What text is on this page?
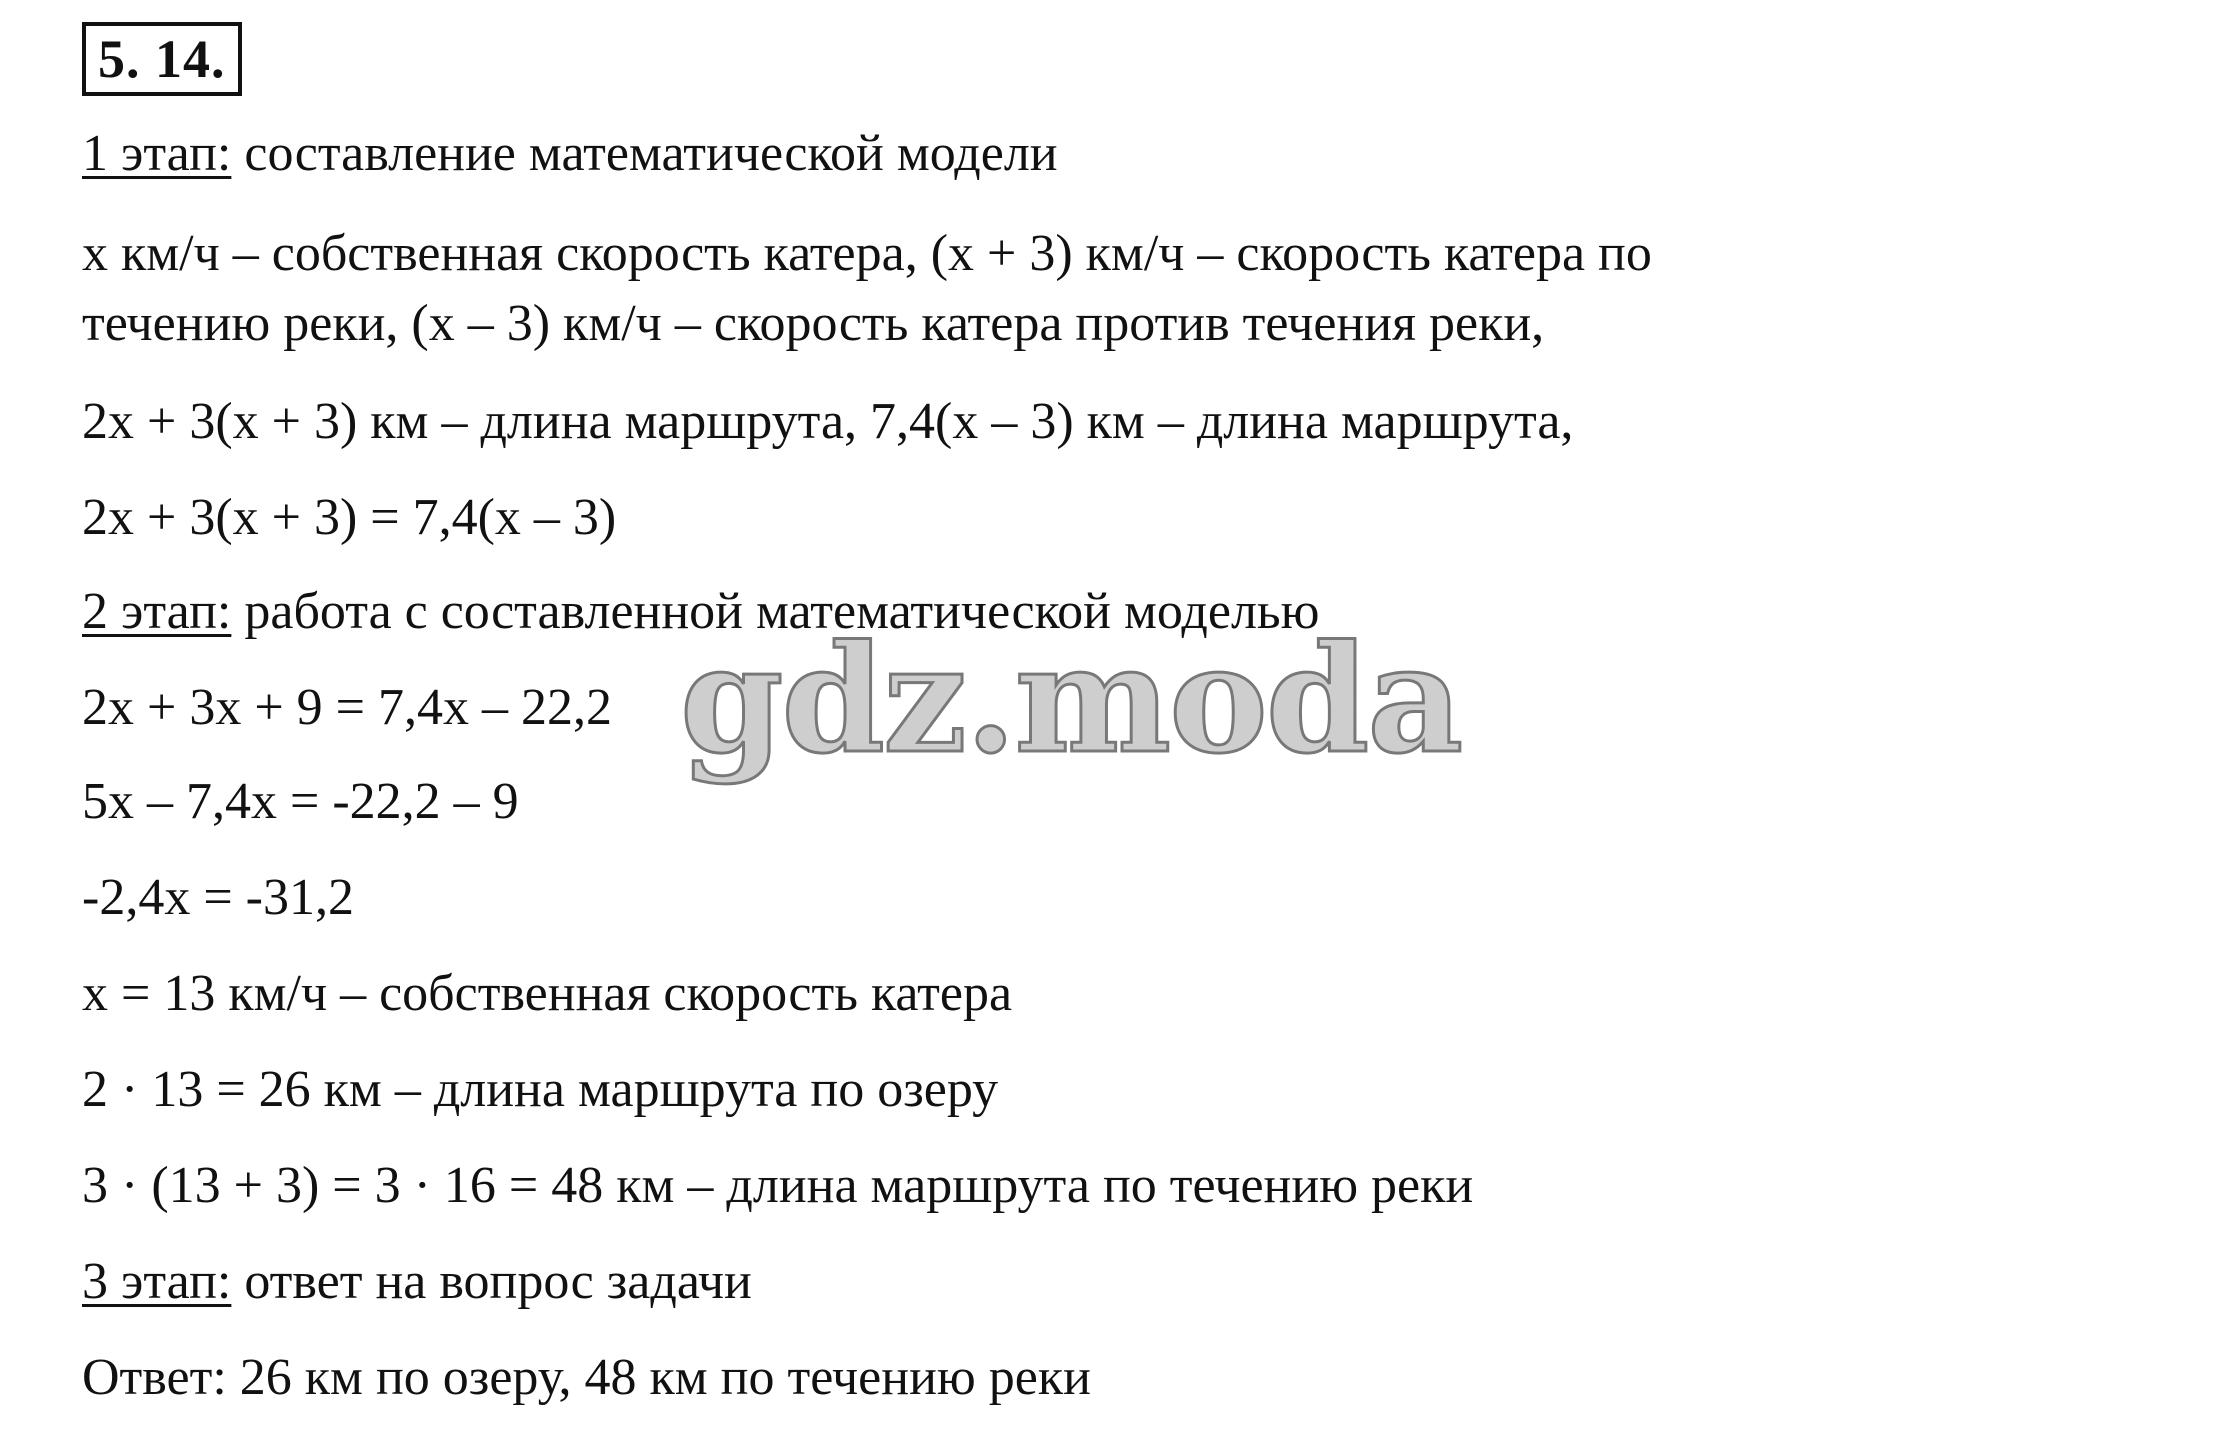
5. 14.
1 этап: составление математической модели
x км/ч – собственная скорость катера, (x + 3) км/ч – скорость катера по
течению реки, (x – 3) км/ч – скорость катера против течения реки,
2x + 3(x + 3) км – длина маршрута, 7,4(x – 3) км – длина маршрута,
2x + 3(x + 3) = 7,4(x – 3)
2 этап: работа с составленной математической моделью
2x + 3x + 9 = 7,4x – 22,2
5x – 7,4x = -22,2 – 9
-2,4x = -31,2
x = 13 км/ч – собственная скорость катера
2 · 13 = 26 км – длина маршрута по озеру
3 · (13 + 3) = 3 · 16 = 48 км – длина маршрута по течению реки
3 этап: ответ на вопрос задачи
Ответ: 26 км по озеру, 48 км по течению реки
gdz.moda
